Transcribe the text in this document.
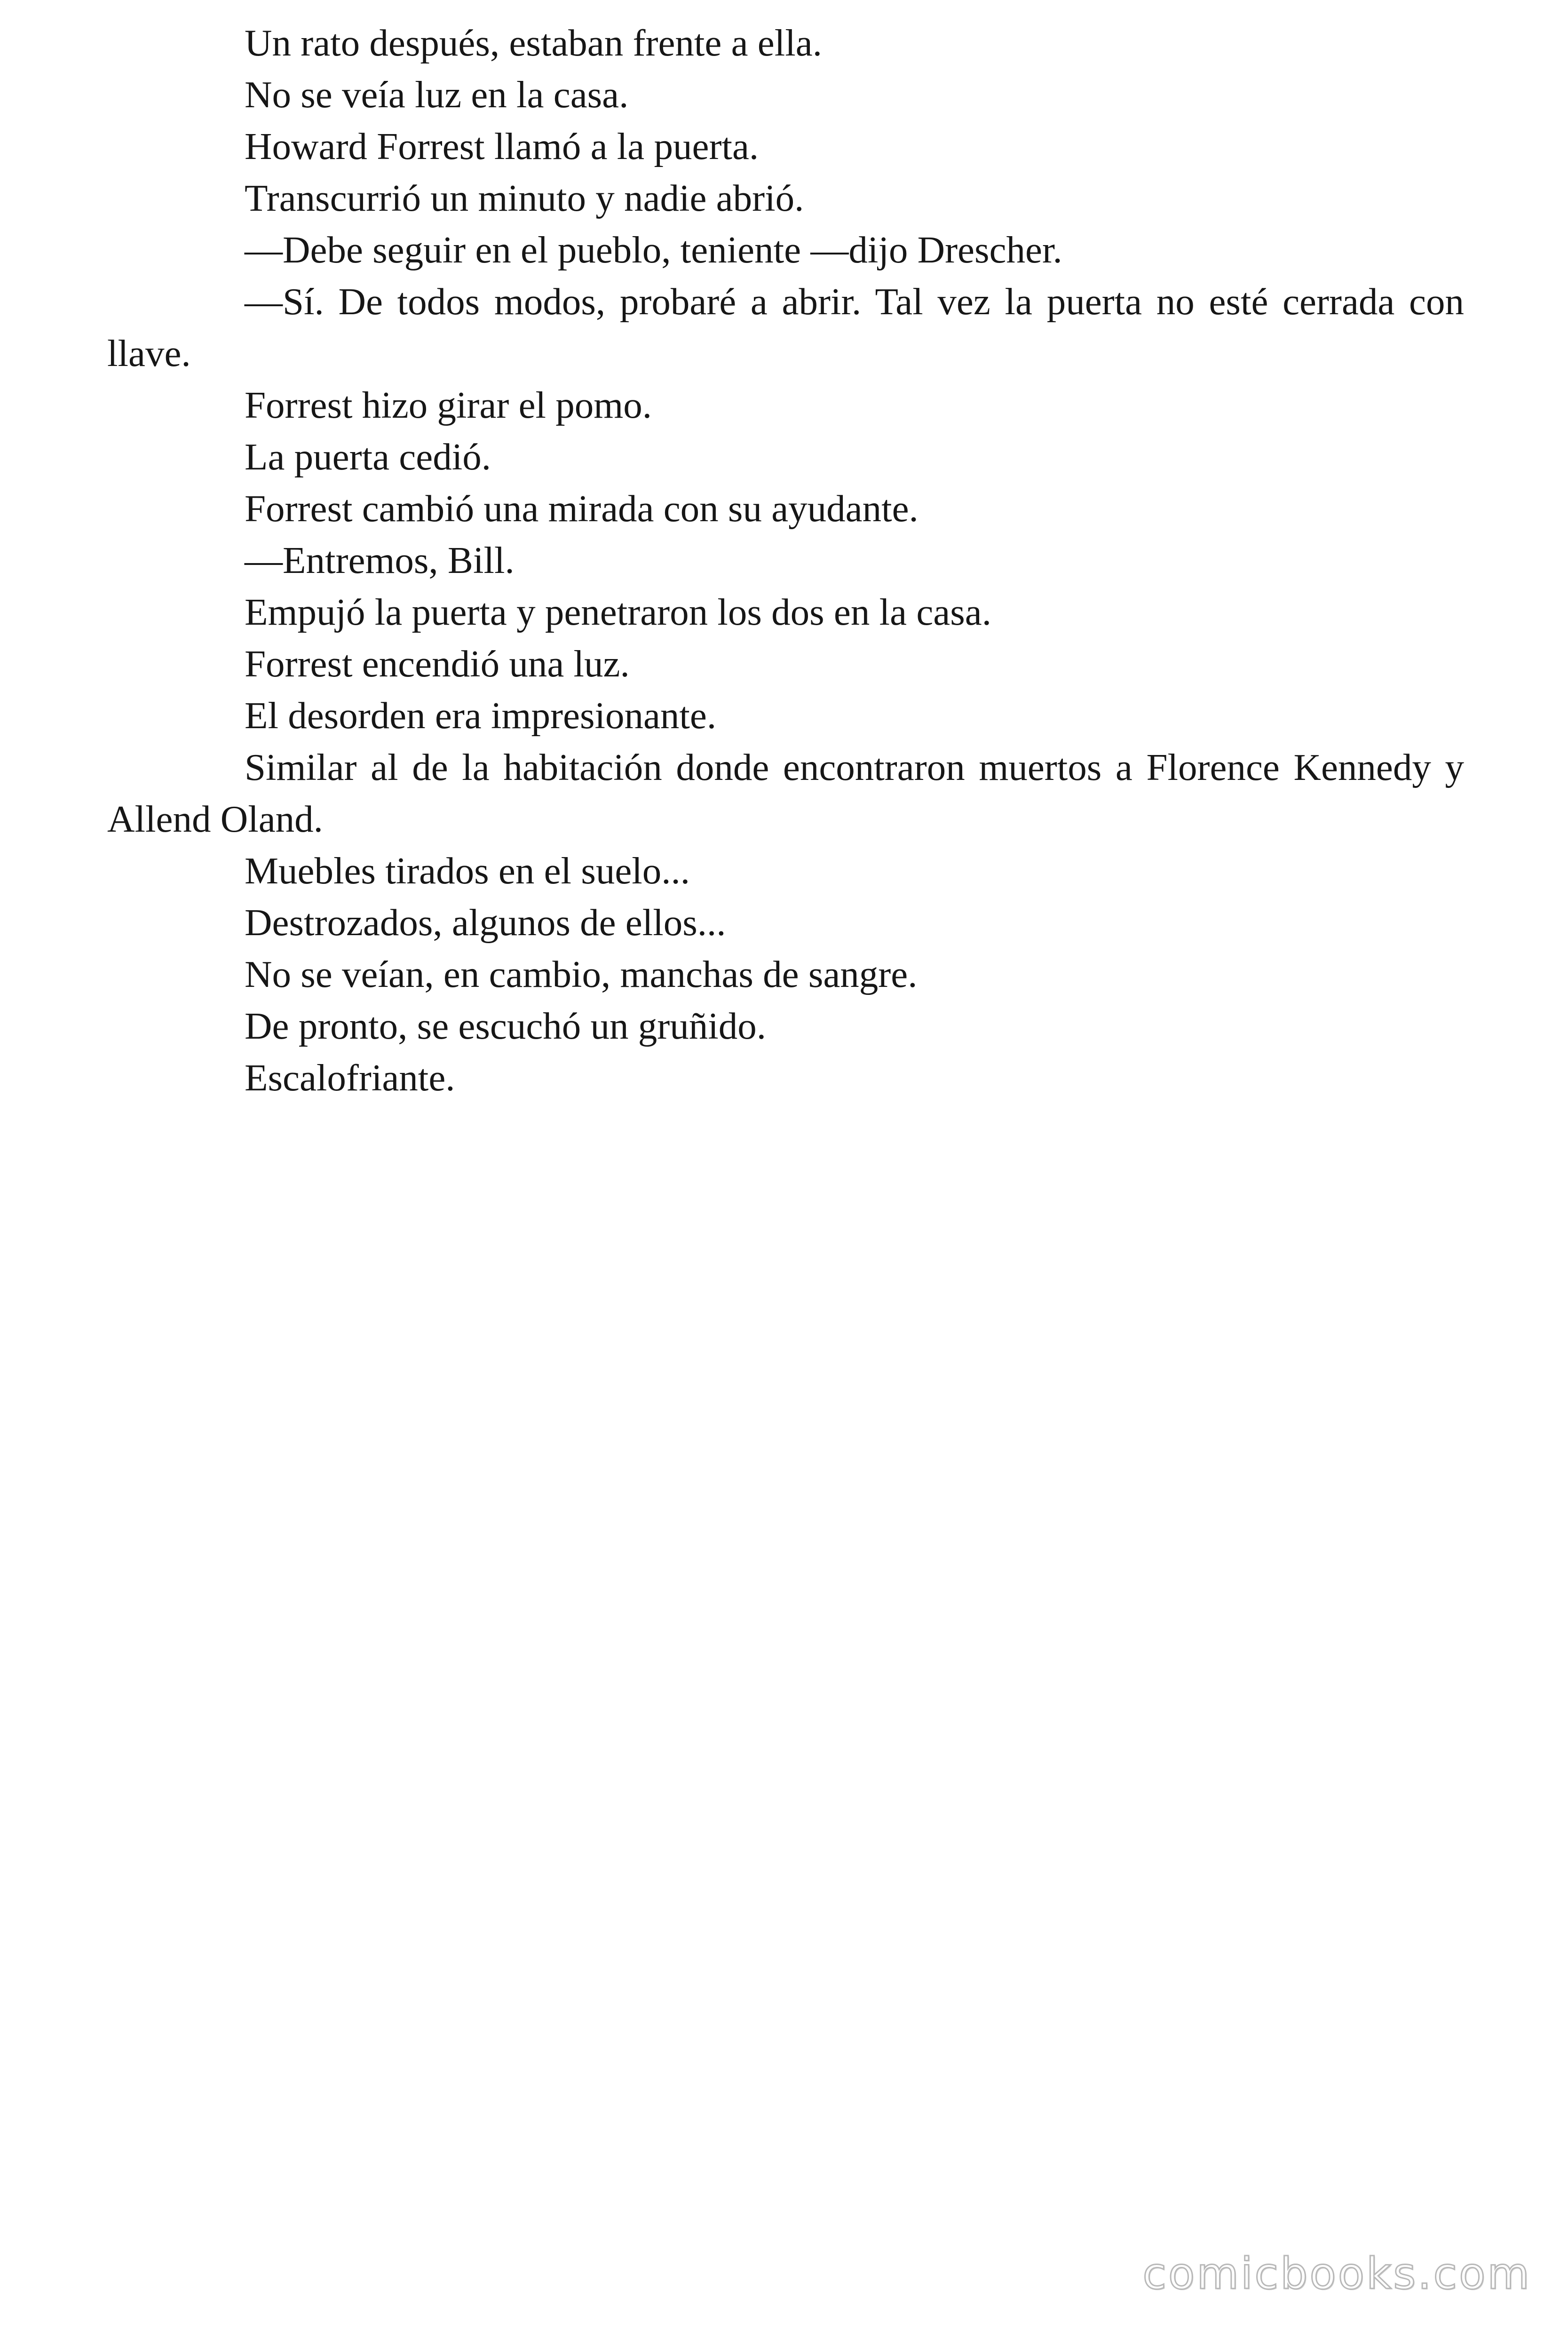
Un rato después, estaban frente a ella.

No se veía luz en la casa.

Howard Forrest llamó a la puerta.

Transcurrió un minuto y nadie abrió.

—Debe seguir en el pueblo, teniente —dijo Drescher.

—Sí. De todos modos, probaré a abrir. Tal vez la puerta no esté cerrada con llave.

Forrest hizo girar el pomo.

La puerta cedió.

Forrest cambió una mirada con su ayudante.

—Entremos, Bill.

Empujó la puerta y penetraron los dos en la casa.

Forrest encendió una luz.

El desorden era impresionante.

Similar al de la habitación donde encontraron muertos a Florence Kennedy y Allend Oland.

Muebles tirados en el suelo...

Destrozados, algunos de ellos...

No se veían, en cambio, manchas de sangre.

De pronto, se escuchó un gruñido.

Escalofriante.

comicbooks.com
